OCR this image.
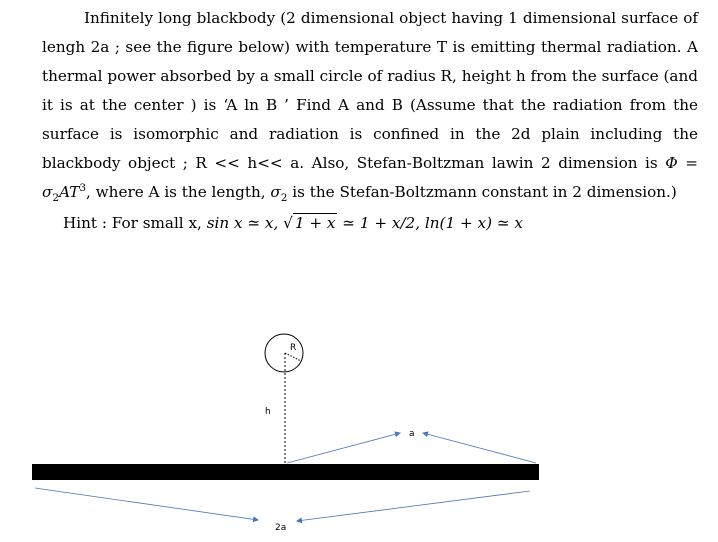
Infinitely long blackbody (2 dimensional object having 1 dimensional surface of lengh 2a ; see the figure below) with temperature T is emitting thermal radiation. A thermal power absorbed by a small circle of radius R, height h from the surface (and it is at the center ) is ‘A ln B ’ Find A and B (Assume that the radiation from the surface is isomorphic and radiation is confined in the 2d plain including the blackbody object ; R << h<< a. Also, Stefan-Boltzman lawin 2 dimension is $\Phi = \sigma_2AT^3$, where A is the length, $\sigma_2$ is the Stefan-Boltzmann constant in 2 dimension.)

Hint : For small x, sin x ≃ x, √ 1 + x ≃ 1 + x/2, ln(1 + x) ≃ x
R
h
a
2a
